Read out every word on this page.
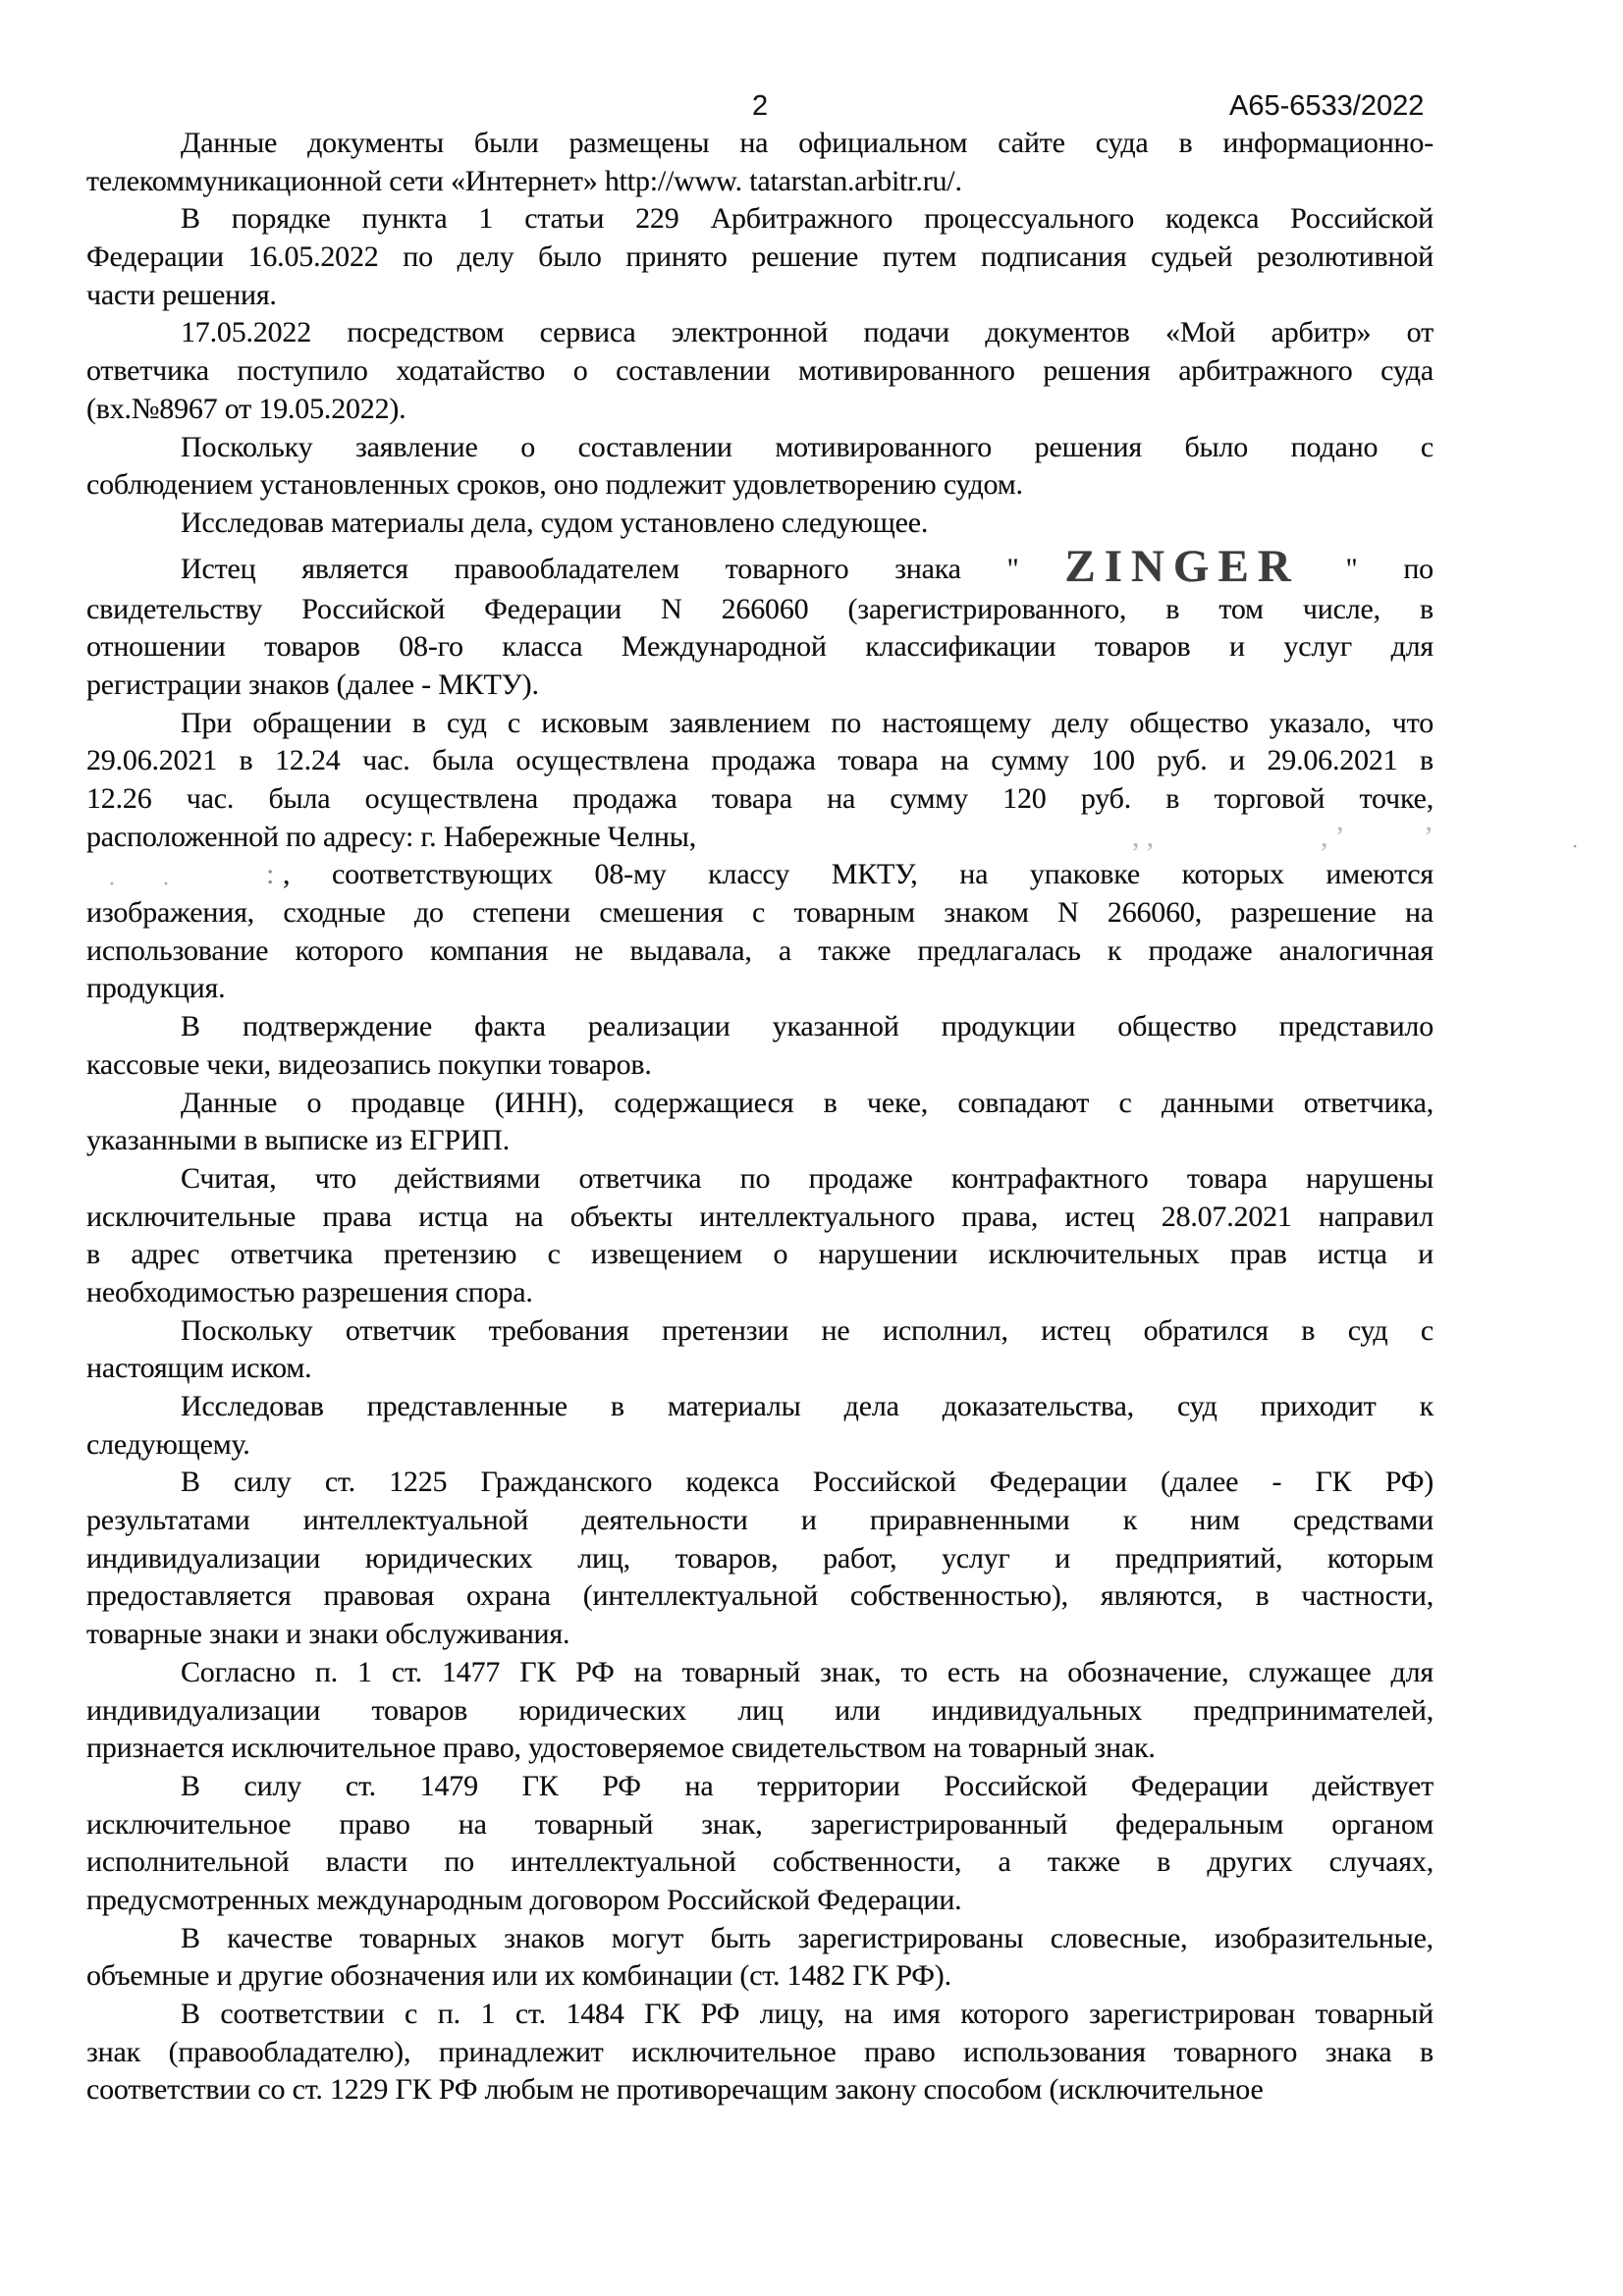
2	А65-6533/2022
Данные документы были размещены на официальном сайте суда в информационно-
телекоммуникационной сети «Интернет» http://www. tatarstan.arbitr.ru/.
В порядке пункта 1 статьи 229 Арбитражного процессуального кодекса Российской
Федерации 16.05.2022 по делу было принято решение путем подписания судьей резолютивной
части решения.
17.05.2022 посредством сервиса электронной подачи документов «Мой арбитр» от
ответчика поступило ходатайство о составлении мотивированного решения арбитражного суда
(вх.№8967 от 19.05.2022).
Поскольку заявление о составлении мотивированного решения было подано с
соблюдением установленных сроков, оно подлежит удовлетворению судом.
Исследовав материалы дела, судом установлено следующее.
Истец является правообладателем товарного знака " ZINGER " по
свидетельству Российской Федерации N 266060 (зарегистрированного, в том числе, в
отношении товаров 08-го класса Международной классификации товаров и услуг для
регистрации знаков (далее - МКТУ).
При обращении в суд с исковым заявлением по настоящему делу общество указало, что
29.06.2021 в 12.24 час. была осуществлена продажа товара на сумму 100 руб. и 29.06.2021 в
12.26 час. была осуществлена продажа товара на сумму 120 руб. в торговой точке,
расположенной по адресу: г. Набережные Челны,	, ,	, ’	’	·
, соответствующих 08-му классу МКТУ, на упаковке которых имеются
· ·	:
изображения, сходные до степени смешения с товарным знаком N 266060, разрешение на
использование которого компания не выдавала, а также предлагалась к продаже аналогичная
продукция.
В подтверждение факта реализации указанной продукции общество представило
кассовые чеки, видеозапись покупки товаров.
Данные о продавце (ИНН), содержащиеся в чеке, совпадают с данными ответчика,
указанными в выписке из ЕГРИП.
Считая, что действиями ответчика по продаже контрафактного товара нарушены
исключительные права истца на объекты интеллектуального права, истец 28.07.2021 направил
в адрес ответчика претензию с извещением о нарушении исключительных прав истца и
необходимостью разрешения спора.
Поскольку ответчик требования претензии не исполнил, истец обратился в суд с
настоящим иском.
Исследовав представленные в материалы дела доказательства, суд приходит к
следующему.
В силу ст. 1225 Гражданского кодекса Российской Федерации (далее - ГК РФ)
результатами интеллектуальной деятельности и приравненными к ним средствами
индивидуализации юридических лиц, товаров, работ, услуг и предприятий, которым
предоставляется правовая охрана (интеллектуальной собственностью), являются, в частности,
товарные знаки и знаки обслуживания.
Согласно п. 1 ст. 1477 ГК РФ на товарный знак, то есть на обозначение, служащее для
индивидуализации товаров юридических лиц или индивидуальных предпринимателей,
признается исключительное право, удостоверяемое свидетельством на товарный знак.
В силу ст. 1479 ГК РФ на территории Российской Федерации действует
исключительное право на товарный знак, зарегистрированный федеральным органом
исполнительной власти по интеллектуальной собственности, а также в других случаях,
предусмотренных международным договором Российской Федерации.
В качестве товарных знаков могут быть зарегистрированы словесные, изобразительные,
объемные и другие обозначения или их комбинации (ст. 1482 ГК РФ).
В соответствии с п. 1 ст. 1484 ГК РФ лицу, на имя которого зарегистрирован товарный
знак (правообладателю), принадлежит исключительное право использования товарного знака в
соответствии со ст. 1229 ГК РФ любым не противоречащим закону способом (исключительное
